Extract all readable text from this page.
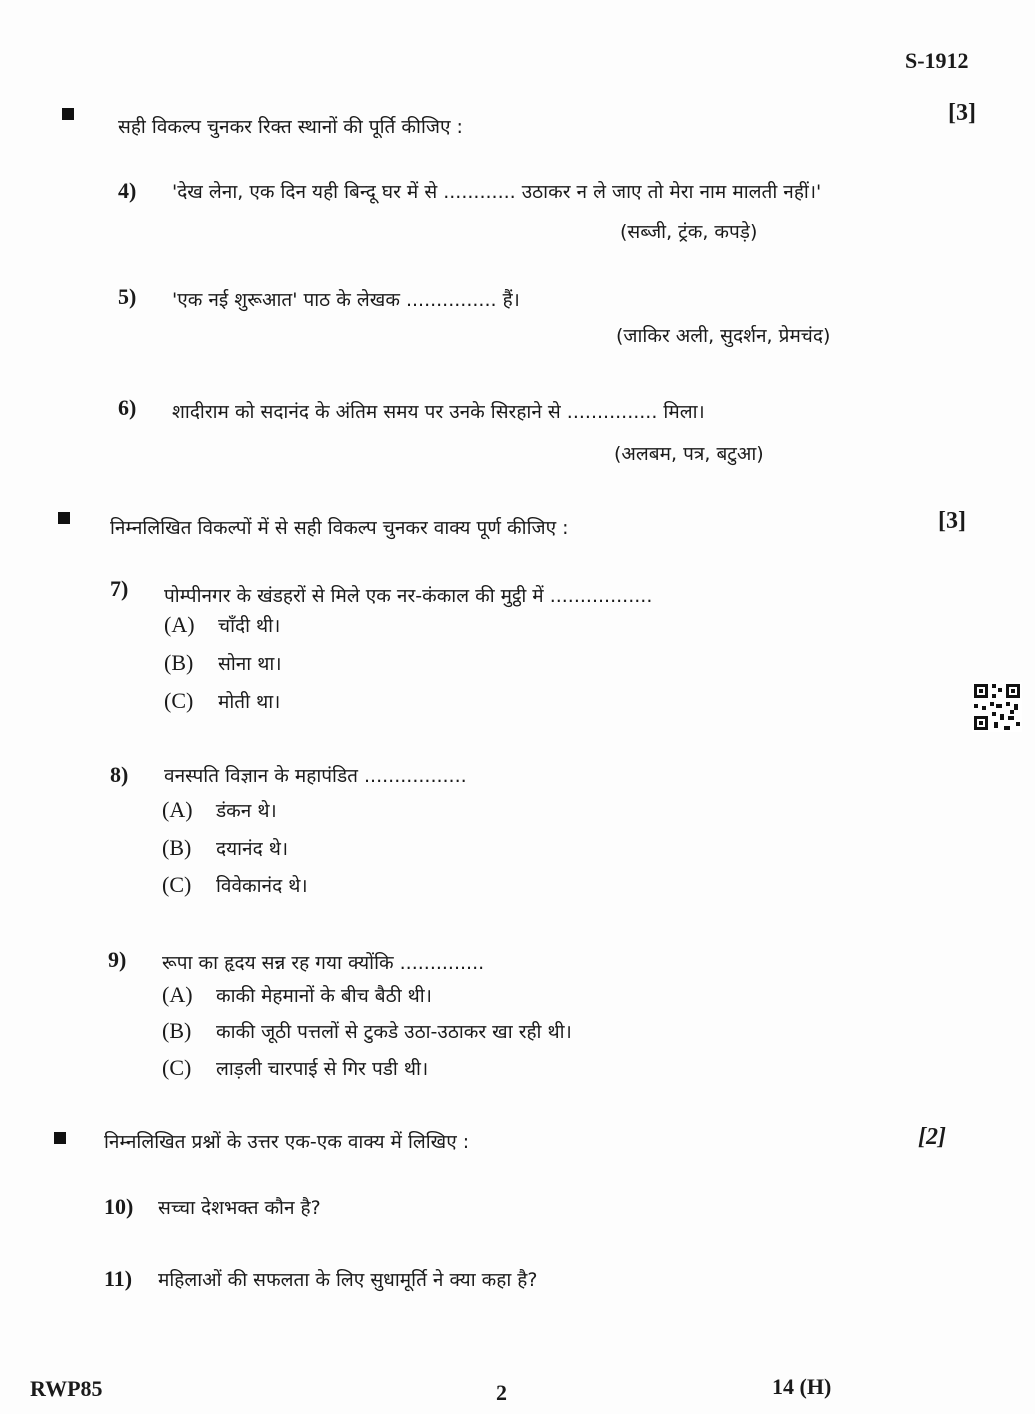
S-1912
सही विकल्प चुनकर रिक्त स्थानों की पूर्ति कीजिए :
[3]
4) 'देख लेना, एक दिन यही बिन्दू घर में से ............ उठाकर न ले जाए तो मेरा नाम मालती नहीं।'
(सब्जी, ट्रंक, कपड़े)
5) 'एक नई शुरूआत' पाठ के लेखक ............... हैं।
(जाकिर अली, सुदर्शन, प्रेमचंद)
6) शादीराम को सदानंद के अंतिम समय पर उनके सिरहाने से ............... मिला।
(अलबम, पत्र, बटुआ)
निम्नलिखित विकल्पों में से सही विकल्प चुनकर वाक्य पूर्ण कीजिए :	[3]
7) पोम्पीनगर के खंडहरों से मिले एक नर-कंकाल की मुट्ठी में .................
(A) चाँदी थी।
(B) सोना था।
(C) मोती था।
8) वनस्पति विज्ञान के महापंडित .................
(A) डंकन थे।
(B) दयानंद थे।
(C) विवेकानंद थे।
9) रूपा का हृदय सन्न रह गया क्योंकि ..............
(A) काकी मेहमानों के बीच बैठी थी।
(B) काकी जूठी पत्तलों से टुकडे उठा-उठाकर खा रही थी।
(C) लाड़ली चारपाई से गिर पडी थी।
निम्नलिखित प्रश्नों के उत्तर एक-एक वाक्य में लिखिए :	[2]
10) सच्चा देशभक्त कौन है?
11) महिलाओं की सफलता के लिए सुधामूर्ति ने क्या कहा है?
RWP85	2	14 (H)
